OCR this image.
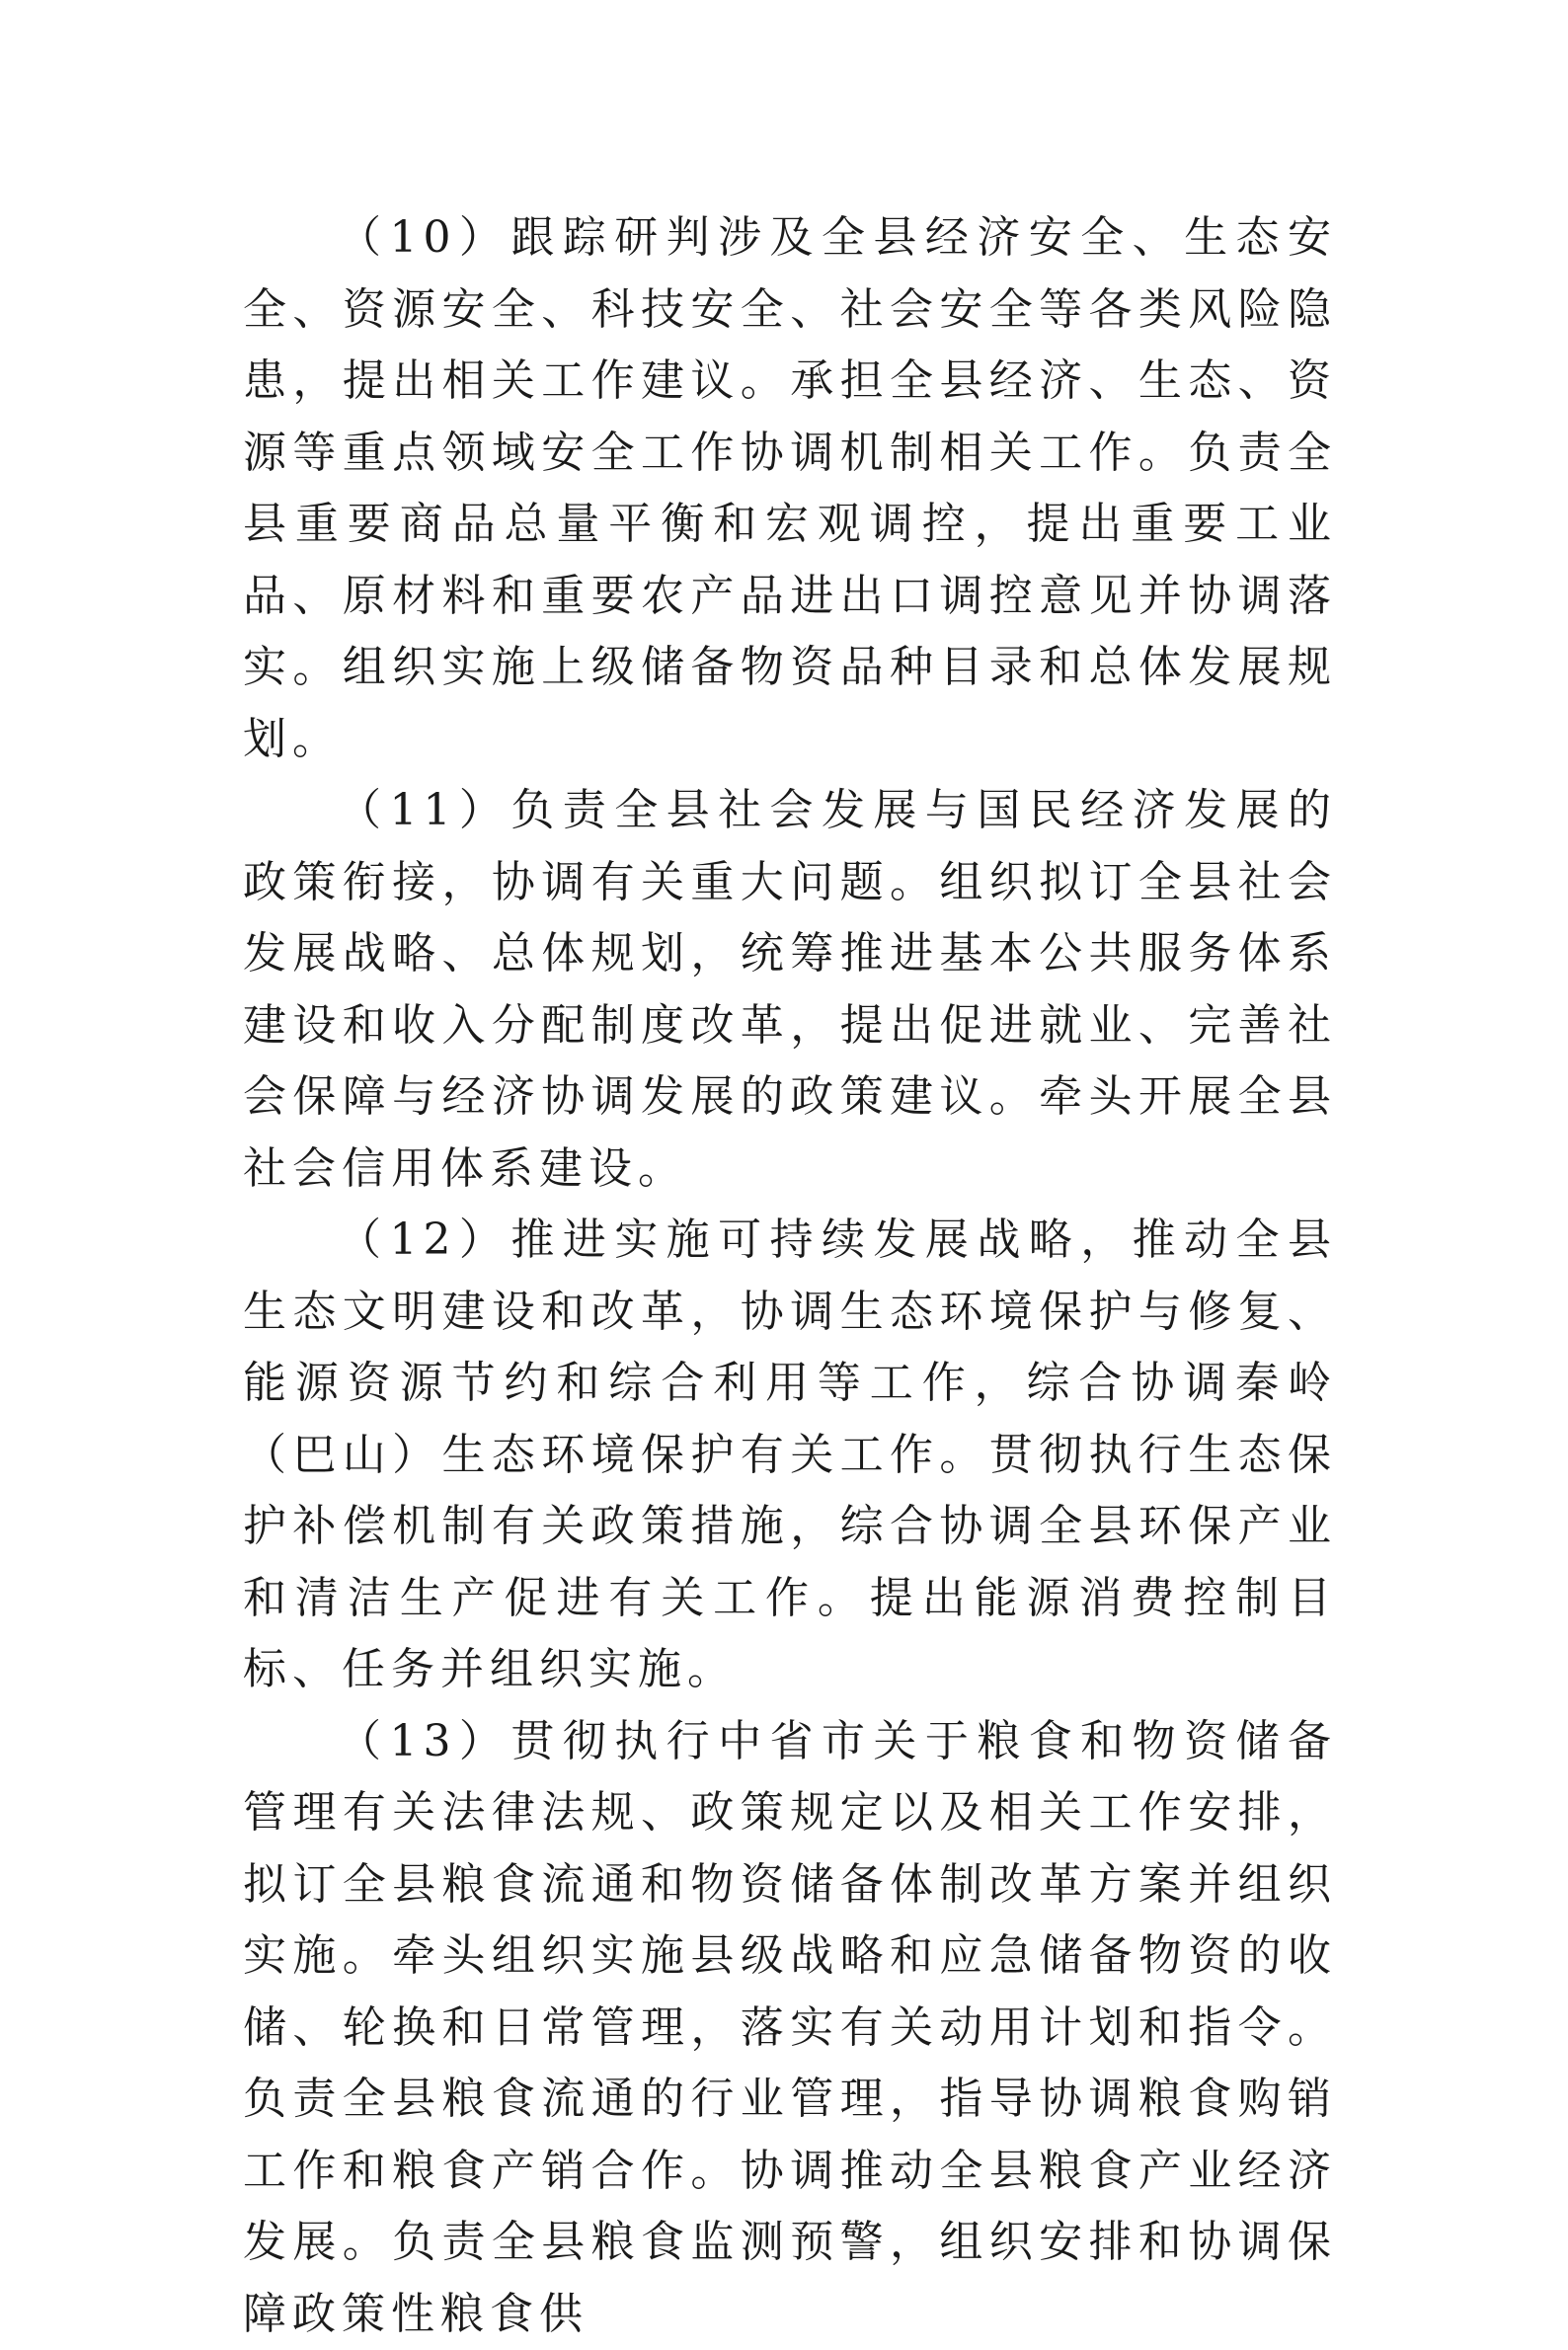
（10）跟踪研判涉及全县经济安全、生态安全、资源安全、科技安全、社会安全等各类风险隐患，提出相关工作建议。承担全县经济、生态、资源等重点领域安全工作协调机制相关工作。负责全县重要商品总量平衡和宏观调控，提出重要工业品、原材料和重要农产品进出口调控意见并协调落实。组织实施上级储备物资品种目录和总体发展规划。

（11）负责全县社会发展与国民经济发展的政策衔接，协调有关重大问题。组织拟订全县社会发展战略、总体规划，统筹推进基本公共服务体系建设和收入分配制度改革，提出促进就业、完善社会保障与经济协调发展的政策建议。牵头开展全县社会信用体系建设。

（12）推进实施可持续发展战略，推动全县生态文明建设和改革，协调生态环境保护与修复、能源资源节约和综合利用等工作，综合协调秦岭（巴山）生态环境保护有关工作。贯彻执行生态保护补偿机制有关政策措施，综合协调全县环保产业和清洁生产促进有关工作。提出能源消费控制目标、任务并组织实施。

（13）贯彻执行中省市关于粮食和物资储备管理有关法律法规、政策规定以及相关工作安排，拟订全县粮食流通和物资储备体制改革方案并组织实施。牵头组织实施县级战略和应急储备物资的收储、轮换和日常管理，落实有关动用计划和指令。负责全县粮食流通的行业管理，指导协调粮食购销工作和粮食产销合作。协调推动全县粮食产业经济发展。负责全县粮食监测预警，组织安排和协调保障政策性粮食供
